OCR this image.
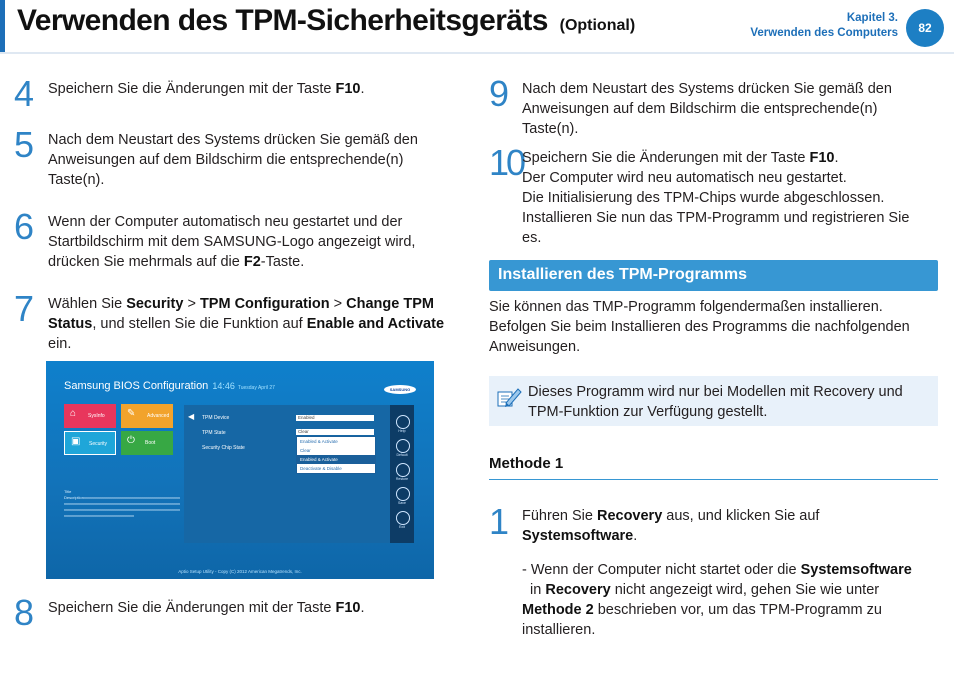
Verwenden des TPM-Sicherheitsgeräts (Optional)	Kapitel 3.
Verwenden des Computers	82
4 Speichern Sie die Änderungen mit der Taste F10.
5 Nach dem Neustart des Systems drücken Sie gemäß den
Anweisungen auf dem Bildschirm die entsprechende(n)
Taste(n).
6 Wenn der Computer automatisch neu gestartet und der
Startbildschirm mit dem SAMSUNG-Logo angezeigt wird,
drücken Sie mehrmals auf die F2-Taste.
7 Wählen Sie Security > TPM Configuration > Change TPM
Status, und stellen Sie die Funktion auf Enable and Activate
ein.
Samsung BIOS Configuration 14:46 Tuesday April 27	SAMSUNG
⌂	SysInfo ✎	Advanced
▣ Security ⏻	Boot
◀ TPM Device	Enabled
TPM State	Clear
Security Chip State
Enabled & Activate
Clear
Enabled & Activate
Deactivate & Disable
Help
Default
Restore
Save
Exit
Title
Descriptionxxxxxxxxxxxxxxxxxxxxxxxxxxxxxxxxxxxxxxxxxxxxxxxxxxxxxxxxxxxxxxxxxxxxxxxxxxxxxxxxxxxxxxxxxxxxxxxxxxxxxxxxxxxxxxxxxxxxxxxxxxxxxxxxxxxxxxxxxxxxxxxxxxxxxxxxxxxxxxxxxxxxxxxxxxxxxxxxxxxxxxxxxxxxxxxxxxxxxxx
Aptio Setup Utility - Copy (C) 2012 American Megatrends, Inc.
8 Speichern Sie die Änderungen mit der Taste F10.
9 Nach dem Neustart des Systems drücken Sie gemäß den
Anweisungen auf dem Bildschirm die entsprechende(n)
Taste(n).
10
Speichern Sie die Änderungen mit der Taste F10.
Der Computer wird neu automatisch neu gestartet.
Die Initialisierung des TPM-Chips wurde abgeschlossen.
Installieren Sie nun das TPM-Programm und registrieren Sie
es.
Installieren des TPM-Programms
Sie können das TMP-Programm folgendermaßen installieren.
Befolgen Sie beim Installieren des Programms die nachfolgenden
Anweisungen.
Dieses Programm wird nur bei Modellen mit Recovery und
TPM-Funktion zur Verfügung gestellt.
Methode 1
1 Führen Sie Recovery aus, und klicken Sie auf
Systemsoftware.
- Wenn der Computer nicht startet oder die Systemsoftware
in Recovery nicht angezeigt wird, gehen Sie wie unter
Methode 2 beschrieben vor, um das TPM-Programm zu
installieren.
